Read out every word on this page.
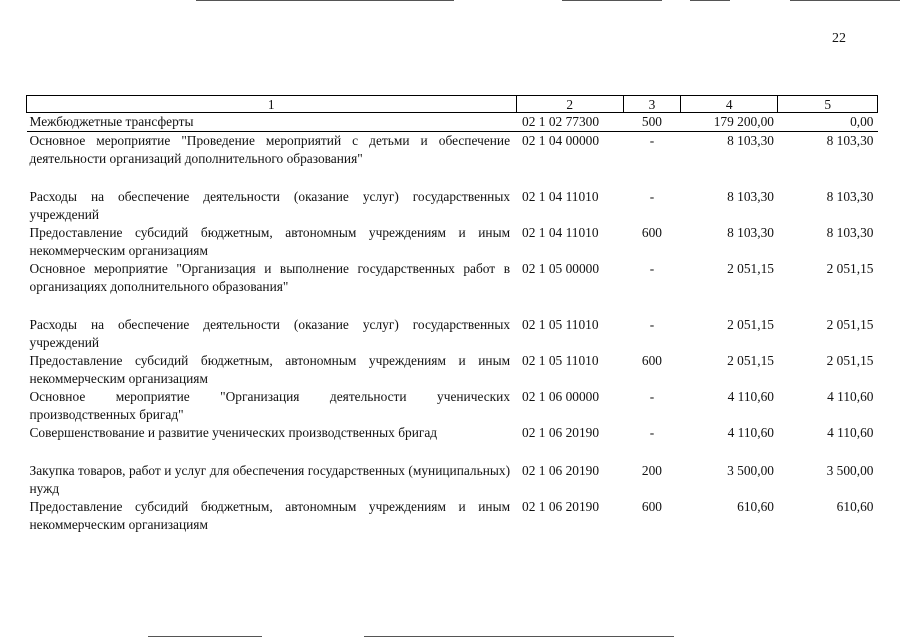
22
1	2	3	4	5
Межбюджетные трансферты	02 1 02 77300	500	179 200,00	0,00
Основное мероприятие "Проведение мероприятий с детьми и обеспечение деятельности организаций дополнительного образования"	02 1 04 00000	-	8 103,30	8 103,30

Расходы на обеспечение деятельности (оказание услуг) государственных учреждений	02 1 04 11010	-	8 103,30	8 103,30
Предоставление субсидий бюджетным, автономным учреждениям и иным некоммерческим организациям	02 1 04 11010	600	8 103,30	8 103,30
Основное мероприятие "Организация и выполнение государственных работ в организациях дополнительного образования"	02 1 05 00000	-	2 051,15	2 051,15

Расходы на обеспечение деятельности (оказание услуг) государственных учреждений	02 1 05 11010	-	2 051,15	2 051,15
Предоставление субсидий бюджетным, автономным учреждениям и иным некоммерческим организациям	02 1 05 11010	600	2 051,15	2 051,15
Основное мероприятие "Организация деятельности ученических производственных бригад"	02 1 06 00000	-	4 110,60	4 110,60
Совершенствование и развитие ученических производственных бригад	02 1 06 20190	-	4 110,60	4 110,60

Закупка товаров, работ и услуг для обеспечения государственных (муниципальных) нужд	02 1 06 20190	200	3 500,00	3 500,00
Предоставление субсидий бюджетным, автономным учреждениям и иным некоммерческим организациям	02 1 06 20190	600	610,60	610,60
